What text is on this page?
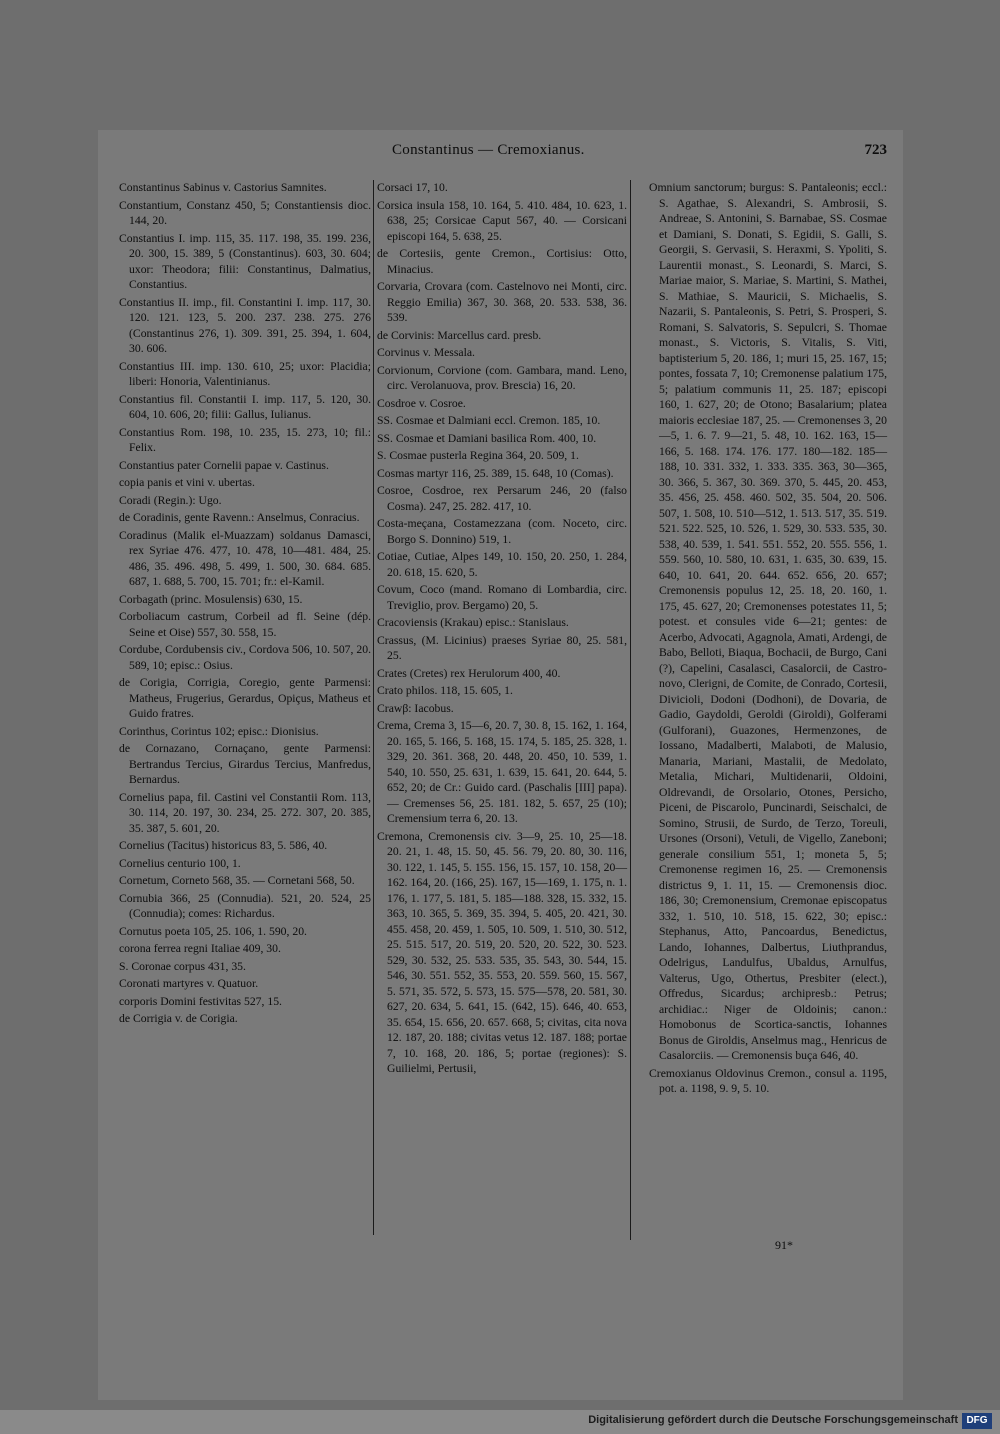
Constantinus — Cremoxianus.	723
Constantinus Sabinus v. Castorius Samnites.
Constantium, Constanz 450, 5; Constantiensis dioc. 144, 20.
Constantius I. imp. 115, 35. 117. 198, 35. 199. 236, 20. 300, 15. 389, 5 (Constantinus). 603, 30. 604; uxor: Theodora; filii: Constantinus, Dalmatius, Constantius.
Constantius II. imp., fil. Constantini I. imp. 117, 30. 120. 121. 123, 5. 200. 237. 238. 275. 276 (Constantinus 276, 1). 309. 391, 25. 394, 1. 604, 30. 606.
Constantius III. imp. 130. 610, 25; uxor: Placidia; liberi: Honoria, Valentinianus.
Constantius fil. Constantii I. imp. 117, 5. 120, 30. 604, 10. 606, 20; filii: Gallus, Iulianus.
Constantius Rom. 198, 10. 235, 15. 273, 10; fil.: Felix.
Constantius pater Cornelii papae v. Castinus.
copia panis et vini v. ubertas.
Coradi (Regin.): Ugo.
de Coradinis, gente Ravenn.: Anselmus, Conracius.
Coradinus (Malik el-Muazzam) soldanus Damasci, rex Syriae 476. 477, 10. 478, 10—481. 484, 25. 486, 35. 496. 498, 5. 499, 1. 500, 30. 684. 685. 687, 1. 688, 5. 700, 15. 701; fr.: el-Kamil.
Corbagath (princ. Mosulensis) 630, 15.
Corboliacum castrum, Corbeil ad fl. Seine (dép. Seine et Oise) 557, 30. 558, 15.
Cordube, Cordubensis civ., Cordova 506, 10. 507, 20. 589, 10; episc.: Osius.
de Corigia, Corrigia, Coregio, gente Parmensi: Matheus, Frugerius, Gerardus, Opiçus, Matheus et Guido fratres.
Corinthus, Corintus 102; episc.: Dionisius.
de Cornazano, Cornaçano, gente Parmensi: Bertrandus Tercius, Girardus Tercius, Manfredus, Bernardus.
Cornelius papa, fil. Castini vel Constantii Rom. 113, 30. 114, 20. 197, 30. 234, 25. 272. 307, 20. 385, 35. 387, 5. 601, 20.
Cornelius (Tacitus) historicus 83, 5. 586, 40.
Cornelius centurio 100, 1.
Cornetum, Corneto 568, 35. — Cornetani 568, 50.
Cornubia 366, 25 (Connudia). 521, 20. 524, 25 (Connudia); comes: Richardus.
Cornutus poeta 105, 25. 106, 1. 590, 20.
corona ferrea regni Italiae 409, 30.
S. Coronae corpus 431, 35.
Coronati martyres v. Quatuor.
corporis Domini festivitas 527, 15.
de Corrigia v. de Corigia.
Corsaci 17, 10.
Corsica insula 158, 10. 164, 5. 410. 484, 10. 623, 1. 638, 25; Corsicae Caput 567, 40. — Corsicani episcopi 164, 5. 638, 25.
de Cortesiis, gente Cremon., Cortisius: Otto, Minacius.
Corvaria, Crovara (com. Castelnovo nei Monti, circ. Reggio Emilia) 367, 30. 368, 20. 533. 538, 36. 539.
de Corvinis: Marcellus card. presb.
Corvinus v. Messala.
Corvionum, Corvione (com. Gambara, mand. Leno, circ. Verolanuova, prov. Brescia) 16, 20.
Cosdroe v. Cosroe.
SS. Cosmae et Dalmiani eccl. Cremon. 185, 10.
SS. Cosmae et Damiani basilica Rom. 400, 10.
S. Cosmae pusterla Regina 364, 20. 509, 1.
Cosmas martyr 116, 25. 389, 15. 648, 10 (Comas).
Cosroe, Cosdroe, rex Persarum 246, 20 (falso Cosma). 247, 25. 282. 417, 10.
Costa-meçana, Costamezzana (com. Noceto, circ. Borgo S. Donnino) 519, 1.
Cotiae, Cutiae, Alpes 149, 10. 150, 20. 250, 1. 284, 20. 618, 15. 620, 5.
Covum, Coco (mand. Romano di Lombardia, circ. Treviglio, prov. Bergamo) 20, 5.
Cracoviensis (Krakau) episc.: Stanislaus.
Crassus, (M. Licinius) praeses Syriae 80, 25. 581, 25.
Crates (Cretes) rex Herulorum 400, 40.
Crato philos. 118, 15. 605, 1.
Crawβ: Iacobus.
Crema, Crema 3, 15—6, 20. 7, 30. 8, 15. 162, 1. 164, 20. 165, 5. 166, 5. 168, 15. 174, 5. 185, 25. 328, 1. 329, 20. 361. 368, 20. 448, 20. 450, 10. 539, 1. 540, 10. 550, 25. 631, 1. 639, 15. 641, 20. 644, 5. 652, 20; de Cr.: Guido card. (Paschalis [III] papa). — Cremenses 56, 25. 181. 182, 5. 657, 25 (10); Cremensium terra 6, 20. 13.
Cremona, Cremonensis civ. 3—9, 25. 10, 25—18. 20. 21, 1. 48, 15. 50, 45. 56. 79, 20. 80, 30. 116, 30. 122, 1. 145, 5. 155. 156, 15. 157, 10. 158, 20—162. 164, 20. (166, 25). 167, 15—169, 1. 175, n. 1. 176, 1. 177, 5. 181, 5. 185—188. 328, 15. 332, 15. 363, 10. 365, 5. 369, 35. 394, 5. 405, 20. 421, 30. 455. 458, 20. 459, 1. 505, 10. 509, 1. 510, 30. 512, 25. 515. 517, 20. 519, 20. 520, 20. 522, 30. 523. 529, 30. 532, 25. 533. 535, 35. 543, 30. 544, 15. 546, 30. 551. 552, 35. 553, 20. 559. 560, 15. 567, 5. 571, 35. 572, 5. 573, 15. 575—578, 20. 581, 30. 627, 20. 634, 5. 641, 15. (642, 15). 646, 40. 653, 35. 654, 15. 656, 20. 657. 668, 5; civitas, cita nova 12. 187, 20. 188; civitas vetus 12. 187. 188; portae 7, 10. 168, 20. 186, 5; portae (regiones): S. Guilielmi, Pertusii,
Omnium sanctorum; burgus: S. Pantaleonis; eccl.: S. Agathae, S. Alexandri, S. Ambrosii, S. Andreae, S. Antonini, S. Barnabae, SS. Cosmae et Damiani, S. Donati, S. Egidii, S. Galli, S. Georgii, S. Gervasii, S. Heraxmi, S. Ypoliti, S. Laurentii monast., S. Leonardi, S. Marci, S. Mariae maior, S. Mariae, S. Martini, S. Mathei, S. Mathiae, S. Mauricii, S. Michaelis, S. Nazarii, S. Pantaleonis, S. Petri, S. Prosperi, S. Romani, S. Salvatoris, S. Sepulcri, S. Thomae monast., S. Victoris, S. Vitalis, S. Viti, baptisterium 5, 20. 186, 1; muri 15, 25. 167, 15; pontes, fossata 7, 10; Cremonense palatium 175, 5; palatium communis 11, 25. 187; episcopi 160, 1. 627, 20; de Otono; Basalarium; platea maioris ecclesiae 187, 25. — Cremonenses 3, 20—5, 1. 6. 7. 9—21, 5. 48, 10. 162. 163, 15—166, 5. 168. 174. 176. 177. 180—182. 185—188, 10. 331. 332, 1. 333. 335. 363, 30—365, 30. 366, 5. 367, 30. 369. 370, 5. 445, 20. 453, 35. 456, 25. 458. 460. 502, 35. 504, 20. 506. 507, 1. 508, 10. 510—512, 1. 513. 517, 35. 519. 521. 522. 525, 10. 526, 1. 529, 30. 533. 535, 30. 538, 40. 539, 1. 541. 551. 552, 20. 555. 556, 1. 559. 560, 10. 580, 10. 631, 1. 635, 30. 639, 15. 640, 10. 641, 20. 644. 652. 656, 20. 657; Cremonensis populus 12, 25. 18, 20. 160, 1. 175, 45. 627, 20; Cremonenses potestates 11, 5; potest. et consules vide 6—21; gentes: de Acerbo, Advocati, Agagnola, Amati, Ardengi, de Babo, Belloti, Biaqua, Bochacii, de Burgo, Cani (?), Capelini, Casalasci, Casalorcii, de Castro-novo, Clerigni, de Comite, de Conrado, Cortesii, Divicioli, Dodoni (Dodhoni), de Dovaria, de Gadio, Gaydoldi, Geroldi (Giroldi), Golferami (Gulforani), Guazones, Hermenzones, de Iossano, Madalberti, Malaboti, de Malusio, Manaria, Mariani, Mastalii, de Medolato, Metalia, Michari, Multidenarii, Oldoini, Oldrevandi, de Orsolario, Otones, Persicho, Piceni, de Piscarolo, Puncinardi, Seischalci, de Somino, Strusii, de Surdo, de Terzo, Toreuli, Ursones (Orsoni), Vetuli, de Vigello, Zaneboni; generale consilium 551, 1; moneta 5, 5; Cremonense regimen 16, 25. — Cremonensis districtus 9, 1. 11, 15. — Cremonensis dioc. 186, 30; Cremonensium, Cremonae episcopatus 332, 1. 510, 10. 518, 15. 622, 30; episc.: Stephanus, Atto, Pancoardus, Benedictus, Lando, Iohannes, Dalbertus, Liuthprandus, Odelrigus, Landulfus, Ubaldus, Arnulfus, Valterus, Ugo, Othertus, Presbiter (elect.), Offredus, Sicardus; archipresb.: Petrus; archidiac.: Niger de Oldoinis; canon.: Homobonus de Scortica-sanctis, Iohannes Bonus de Giroldis, Anselmus mag., Henricus de Casalorciis. — Cremonensis buça 646, 40.
Cremoxianus Oldovinus Cremon., consul a. 1195, pot. a. 1198, 9. 9, 5. 10.
91*
Digitalisierung gefördert durch die Deutsche Forschungsgemeinschaft DFG
